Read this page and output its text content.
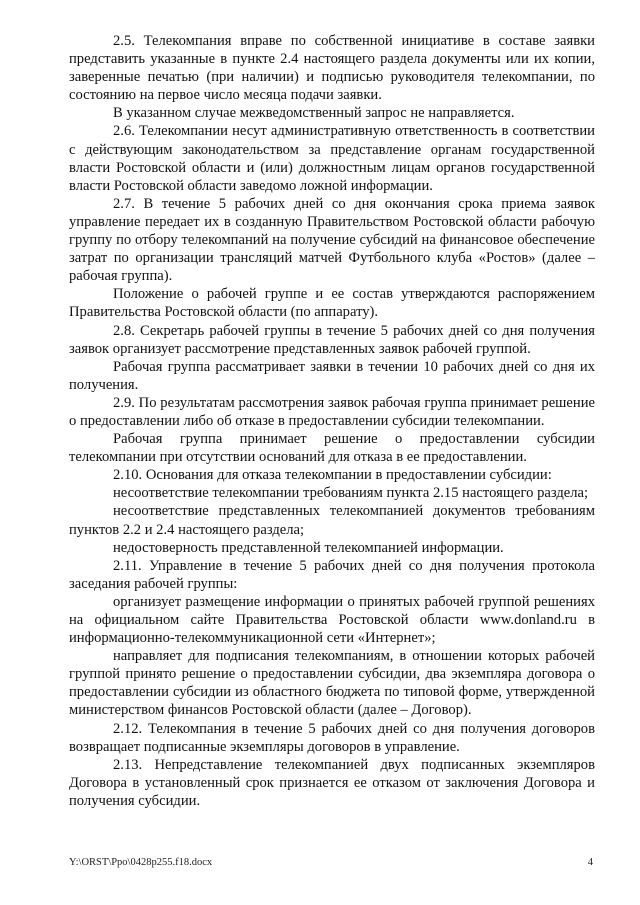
2.5. Телекомпания вправе по собственной инициативе в составе заявки представить указанные в пункте 2.4 настоящего раздела документы или их копии, заверенные печатью (при наличии) и подписью руководителя телекомпании, по состоянию на первое число месяца подачи заявки.

В указанном случае межведомственный запрос не направляется.

2.6. Телекомпании несут административную ответственность в соответствии с действующим законодательством за представление органам государственной власти Ростовской области и (или) должностным лицам органов государственной власти Ростовской области заведомо ложной информации.

2.7. В течение 5 рабочих дней со дня окончания срока приема заявок управление передает их в созданную Правительством Ростовской области рабочую группу по отбору телекомпаний на получение субсидий на финансовое обеспечение затрат по организации трансляций матчей Футбольного клуба «Ростов» (далее – рабочая группа).

Положение о рабочей группе и ее состав утверждаются распоряжением Правительства Ростовской области (по аппарату).

2.8. Секретарь рабочей группы в течение 5 рабочих дней со дня получения заявок организует рассмотрение представленных заявок рабочей группой.

Рабочая группа рассматривает заявки в течении 10 рабочих дней со дня их получения.

2.9. По результатам рассмотрения заявок рабочая группа принимает решение о предоставлении либо об отказе в предоставлении субсидии телекомпании.

Рабочая группа принимает решение о предоставлении субсидии телекомпании при отсутствии оснований для отказа в ее предоставлении.

2.10. Основания для отказа телекомпании в предоставлении субсидии:

несоответствие телекомпании требованиям пункта 2.15 настоящего раздела;

несоответствие представленных телекомпанией документов требованиям пунктов 2.2 и 2.4 настоящего раздела;

недостоверность представленной телекомпанией информации.

2.11. Управление в течение 5 рабочих дней со дня получения протокола заседания рабочей группы:

организует размещение информации о принятых рабочей группой решениях на официальном сайте Правительства Ростовской области www.donland.ru в информационно-телекоммуникационной сети «Интернет»;

направляет для подписания телекомпаниям, в отношении которых рабочей группой принято решение о предоставлении субсидии, два экземпляра договора о предоставлении субсидии из областного бюджета по типовой форме, утвержденной министерством финансов Ростовской области (далее – Договор).

2.12. Телекомпания в течение 5 рабочих дней со дня получения договоров возвращает подписанные экземпляры договоров в управление.

2.13. Непредставление телекомпанией двух подписанных экземпляров Договора в установленный срок признается ее отказом от заключения Договора и получения субсидии.

Y:\ORST\Ppo\0428p255.f18.docx	4
